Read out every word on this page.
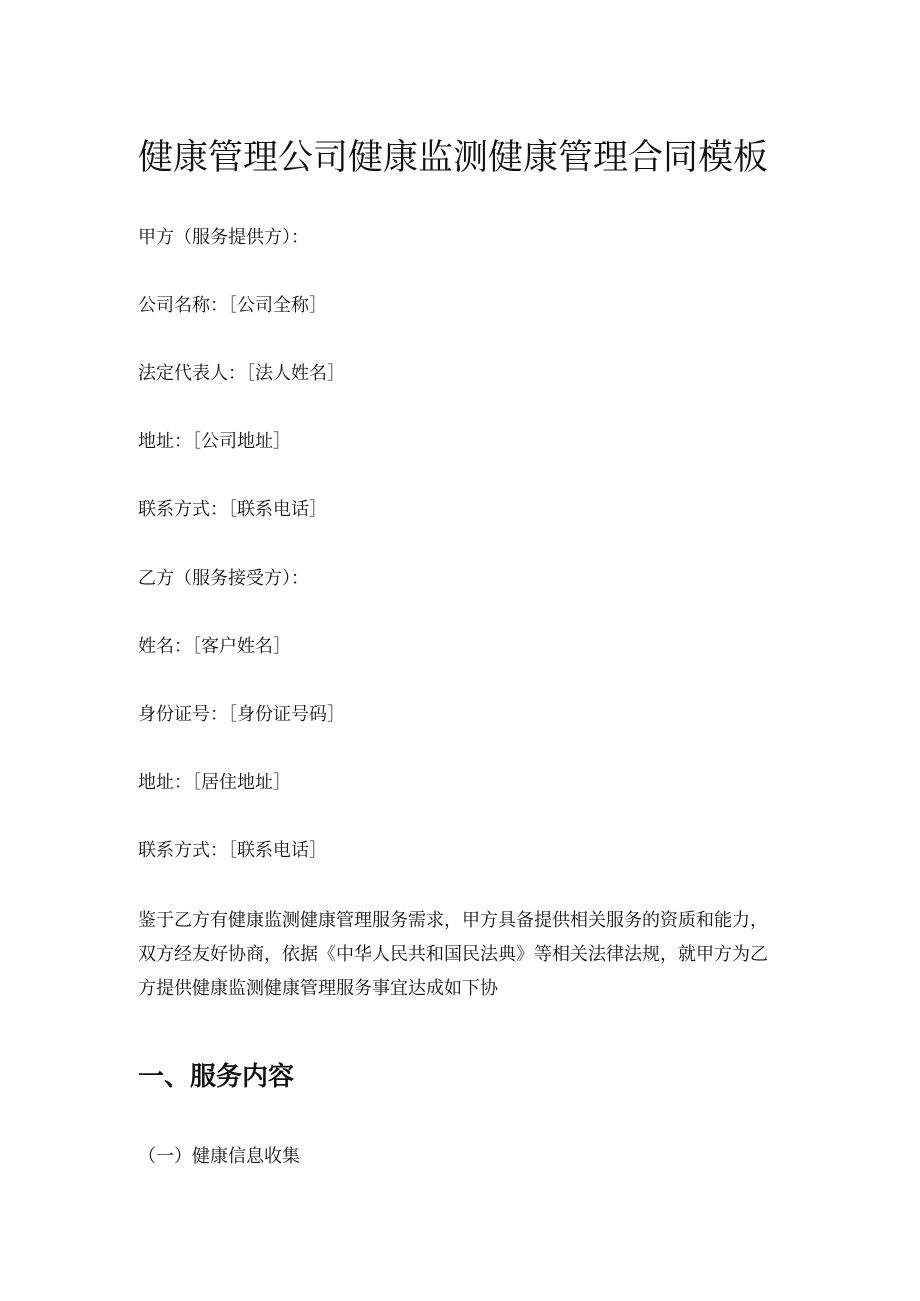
健康管理公司健康监测健康管理合同模板

甲方（服务提供方）：

公司名称：［公司全称］

法定代表人：［法人姓名］

地址：［公司地址］

联系方式：［联系电话］

乙方（服务接受方）：

姓名：［客户姓名］

身份证号：［身份证号码］

地址：［居住地址］

联系方式：［联系电话］

鉴于乙方有健康监测健康管理服务需求，甲方具备提供相关服务的资质和能力，
双方经友好协商，依据《中华人民共和国民法典》等相关法律法规，就甲方为乙
方提供健康监测健康管理服务事宜达成如下协
一、服务内容

（一）健康信息收集
